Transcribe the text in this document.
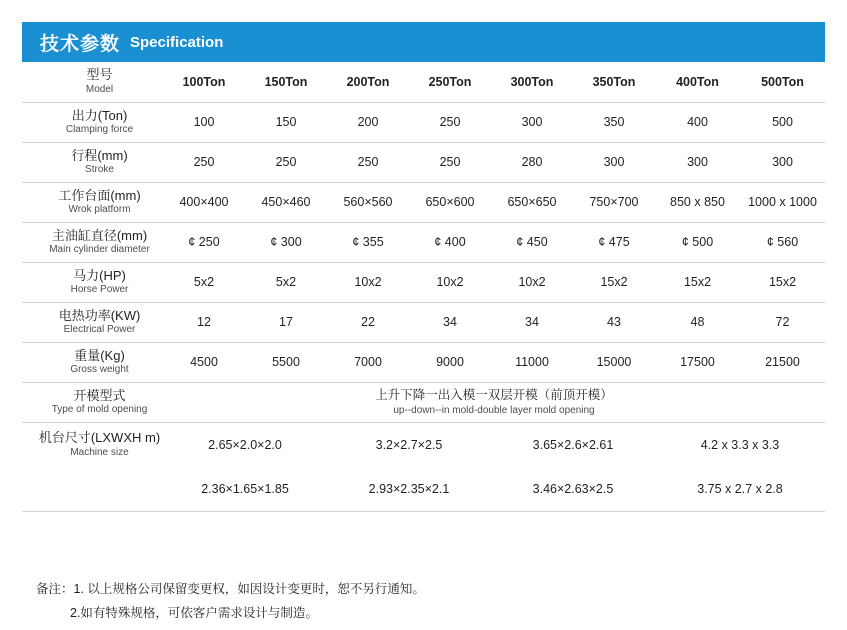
技术参数 Specification
型号
Model	100Ton	150Ton	200Ton	250Ton	300Ton	350Ton	400Ton	500Ton

出力(Ton)
Clamping force	100	150	200	250	300	350	400	500

行程(mm)
Stroke	250	250	250	250	280	300	300	300

工作台面(mm)
Wrok platform	400×400	450×460	560×560	650×600	650×650	750×700	850 x 850	1000 x 1000

主油缸直径(mm)
Main cylinder diameter	¢ 250	¢ 300	¢ 355	¢ 400	¢ 450	¢ 475	¢ 500	¢ 560

马力(HP)
Horse Power	5x2	5x2	10x2	10x2	10x2	15x2	15x2	15x2

电热功率(KW)
Electrical Power	12	17	22	34	34	43	48	72

重量(Kg)
Gross weight	4500	5500	7000	9000	11000	15000	17500	21500

开模型式
Type of mold opening	上升下降一出入模一双层开模（前顶开模）
up--down--in mold-double layer mold opening							

机台尺寸(LXWXH m)
Machine size	2.65×2.0×2.0		3.2×2.7×2.5		3.65×2.6×2.61		4.2 x 3.3 x 3.3	
	2.36×1.65×1.85		2.93×2.35×2.1		3.46×2.63×2.5		3.75 x 2.7 x 2.8	
备注：1. 以上规格公司保留变更权，如因设计变更时，恕不另行通知。
2.如有特殊规格，可依客户需求设计与制造。
